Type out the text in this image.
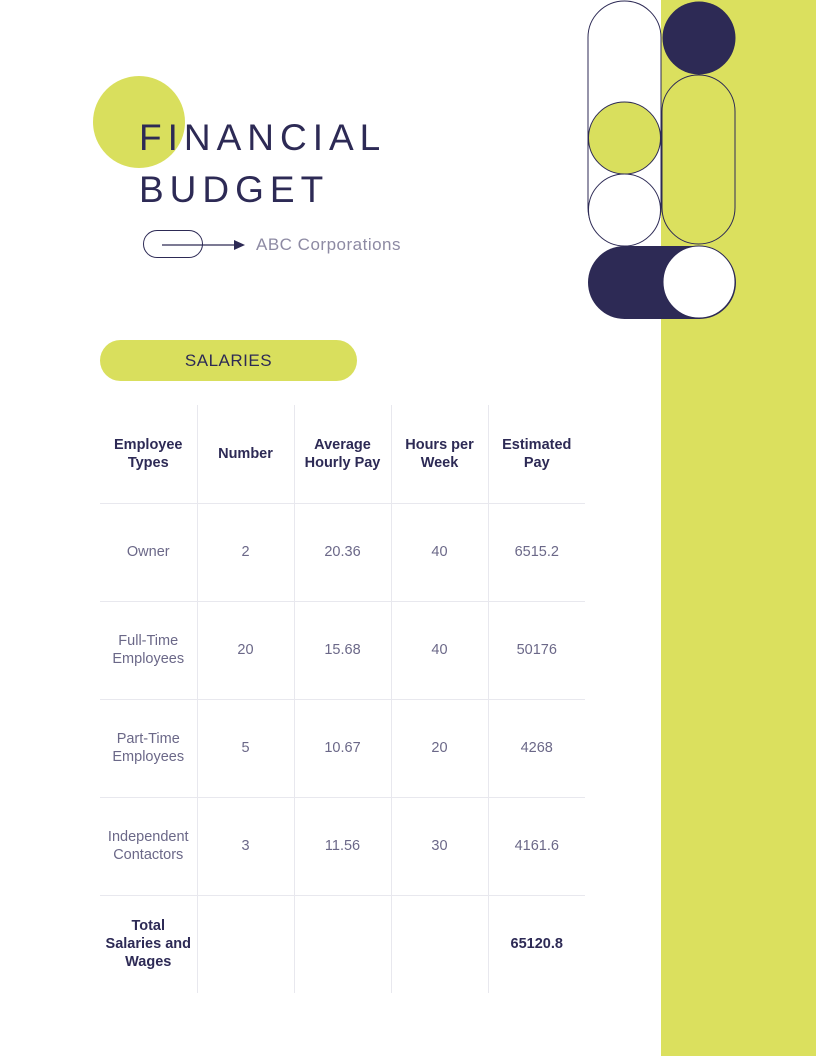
FINANCIAL
BUDGET
ABC Corporations
SALARIES
Employee Types	Number	Average Hourly Pay	Hours per Week	Estimated Pay
Owner	2	20.36	40	6515.2
Full-Time Employees	20	15.68	40	50176
Part-Time Employees	5	10.67	20	4268
Independent Contactors	3	11.56	30	4161.6
Total Salaries and Wages				65120.8
